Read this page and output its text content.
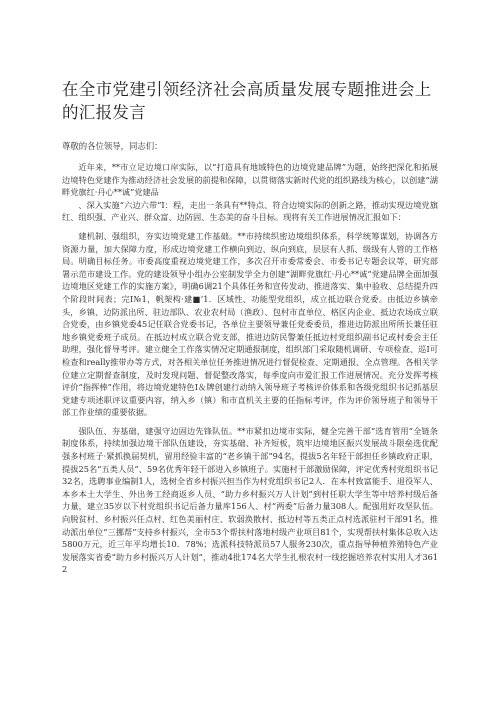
在全市党建引领经济社会高质量发展专题推进会上的汇报发言

尊敬的各位领导，同志们：

近年来，**市立足边境口岸实际，以“打造具有地域特色的边境党建品牌”为题，始终把深化和拓展边境特色党建作为推动经济社会发展的前提和保障，以贯彻落实新时代党的组织路线为核心，以创建“湖畔党旗红·丹心**诚”党建品

、深入实施“六边六带”I：程，走出一条具有**特点、符合边境实际的创新之路，推动实现边境党旗红、组织强、产业兴、群众富、边防固、生态美的奋斗目标。现将有关工作进展情况汇报如下：

建机制、强组织，夯实边境党建工作基础。**市持续织密边境组织体系，科学统筹谋划，协调各方资源力量，加大保障力度，形成边境党建工作横向到边、纵向到底，层层有人抓、级级有人管的工作格局。明确目标任务。市委高度重视边境党建工作，多次召开市委常委会、市委书记专题会议等，研究部署示范市建设工作。党的建设领导小组办公室制发学全力创建“湖畔党旗红·丹心**诚”党建品牌全面加强边境地区党建工作的实施方案》，明确6调21个具体任务和宣传发动、推进落实、集中验收、总结提升四个阶段时间表；完I№1，帆架构·建■’1．区域性、功能型党组织，成立抵边联合党委。由抵边乡镇牵头，乡镇、边防派出所、驻边部队、农业农村局（渔政）、包村市直单位、格区内企业、抵边农场成立联合党委，由乡镇党委45记任联合党委书记，各单位主要领导兼任党委委员，推进边防派出所所长兼任驻地乡镇党委班子成员。在抵边村成立联合党支部，推进边防民警兼任抵边村党组织副书记或村委会主任助理，强化督导考评。建立健全工作落实情况定期通报制度，组织部门采取随机调研、专项检查、巡I可检查和really推带办等方式，对各相关单位任务推进情况进行督促检查、定期通报、全点管理。各相关学位建立定期督查制度，及时发现问题、督促整改落实，每季度向市爱汇报工作进展情况。充分发挥考核评价“指挥棒”作用，将边境党建特色I＆牌创建行动纳入领导班子考核评价体系和各级党组织书记抓基层党建专项述职评议重要内容，纳入乡（镇）和市直机关主要的任指标考评，作为评价领导班子和领导干部工作业绩的重要依据。

强队伍、夯基础，建强守边固边先锋队伍。**市紧扣边境市实际，健全完善干部“选育管用”全链条制度体系，持续加强边境干部队伍建设，夯实基础、补齐短板，筑牢边境地区振兴发展战斗限垒选优配强多村班子·紧抓换届契机，留用经验丰富的“老乡镇干部”94名，提拔5名年轻干部担任乡镇政府正职，提拔25名“五类人员”、59名优秀年轻干部进入乡镇班子。实施村干部激励保障，评定优秀村党组织书记32名，选聘事业编制1人，选树全省乡村振兴担当作为村党组织书记2人．在本村致富能手、退役军人、本乡本土大学生、外出务工经商返乡人员、“助力乡村振兴万人计划”到村任职大学生等中培养村级后备力量，建立35岁以下村党组织书记后备力量库156人、村“两委”后备力量308人。配强用好攻坚队伍。向脱贫村、乡村振兴任点村、红色美丽村庄、软弱涣散村、抵边村等五类正点村选派驻村干部91名，推动派出单位“三挪帮”支持乡村振兴，全市53个帮扶村落地村级产业项目81个，实现帮扶村集体总收入达5800万元，近三年平均增长10．78%；选派科技特派员57人服务230次，重点指导种植养殖特色产业发展落实省委“助力乡村振兴万人计划”，推动4批174名大学生扎根农村一线挖掘培养农村实用人才3612
